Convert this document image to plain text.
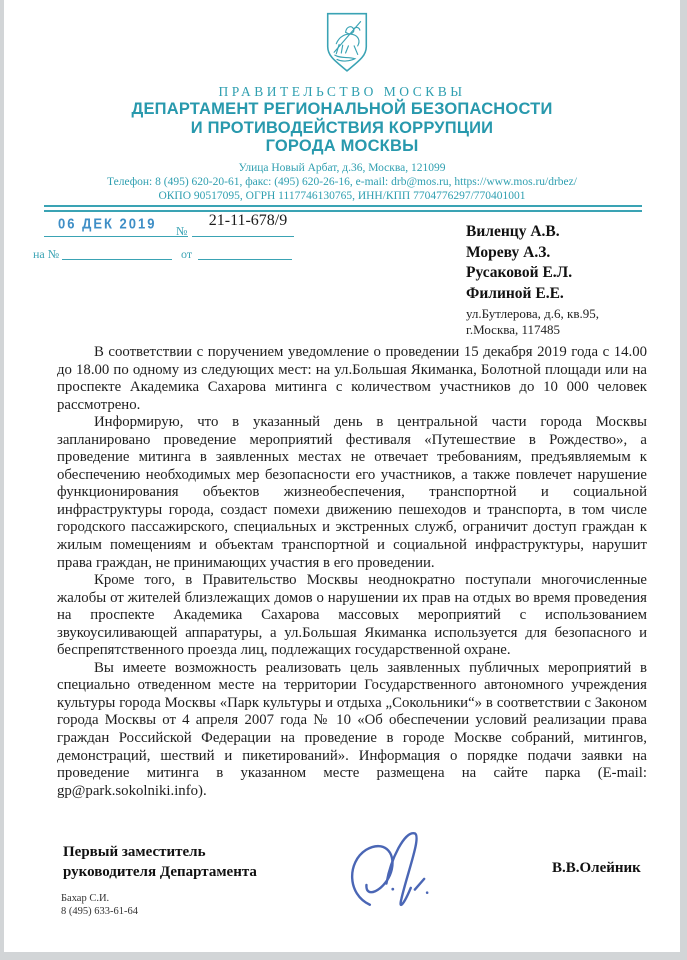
ПРАВИТЕЛЬСТВО МОСКВЫ
ДЕПАРТАМЕНТ РЕГИОНАЛЬНОЙ БЕЗОПАСНОСТИ
И ПРОТИВОДЕЙСТВИЯ КОРРУПЦИИ
ГОРОДА МОСКВЫ
Улица Новый Арбат, д.36, Москва, 121099
Телефон: 8 (495) 620-20-61, факс: (495) 620-26-16, e-mail: drb@mos.ru, https://www.mos.ru/drbez/
ОКПО 90517095, ОГРН 1117746130765, ИНН/КПП 7704776297/770401001
06 ДЕК 2019	№
21-11-678/9
на №	от
Виленцу А.В.
Мореву А.З.
Русаковой Е.Л.
Филиной Е.Е.
ул.Бутлерова, д.6, кв.95,
г.Москва, 117485

В соответствии с поручением уведомление о проведении 15 декабря 2019 года с 14.00 до 18.00 по одному из следующих мест: на ул.Большая Якиманка, Болотной площади или на проспекте Академика Сахарова митинга с количеством участников до 10 000 человек рассмотрено.

Информирую, что в указанный день в центральной части города Москвы запланировано проведение мероприятий фестиваля «Путешествие в Рождество», а проведение митинга в заявленных местах не отвечает требованиям, предъявляемым к обеспечению необходимых мер безопасности его участников, а также повлечет нарушение функционирования объектов жизнеобеспечения, транспортной и социальной инфраструктуры города, создаст помехи движению пешеходов и транспорта, в том числе городского пассажирского, специальных и экстренных служб, ограничит доступ граждан к жилым помещениям и объектам транспортной и социальной инфраструктуры, нарушит права граждан, не принимающих участия в его проведении.

Кроме того, в Правительство Москвы неоднократно поступали многочисленные жалобы от жителей близлежащих домов о нарушении их прав на отдых во время проведения на проспекте Академика Сахарова массовых мероприятий с использованием звукоусиливающей аппаратуры, а ул.Большая Якиманка используется для безопасного и беспрепятственного проезда лиц, подлежащих государственной охране.

Вы имеете возможность реализовать цель заявленных публичных мероприятий в специально отведенном месте на территории Государственного автономного учреждения культуры города Москвы «Парк культуры и отдыха „Сокольники“» в соответствии с Законом города Москвы от 4 апреля 2007 года № 10 «Об обеспечении условий реализации права граждан Российской Федерации на проведение в городе Москве собраний, митингов, демонстраций, шествий и пикетирований». Информация о порядке подачи заявки на проведение митинга в указанном месте размещена на сайте парка (E-mail: gp@park.sokolniki.info).

Первый заместитель
руководителя Департамента	В.В.Олейник
Бахар С.И.
8 (495) 633-61-64
